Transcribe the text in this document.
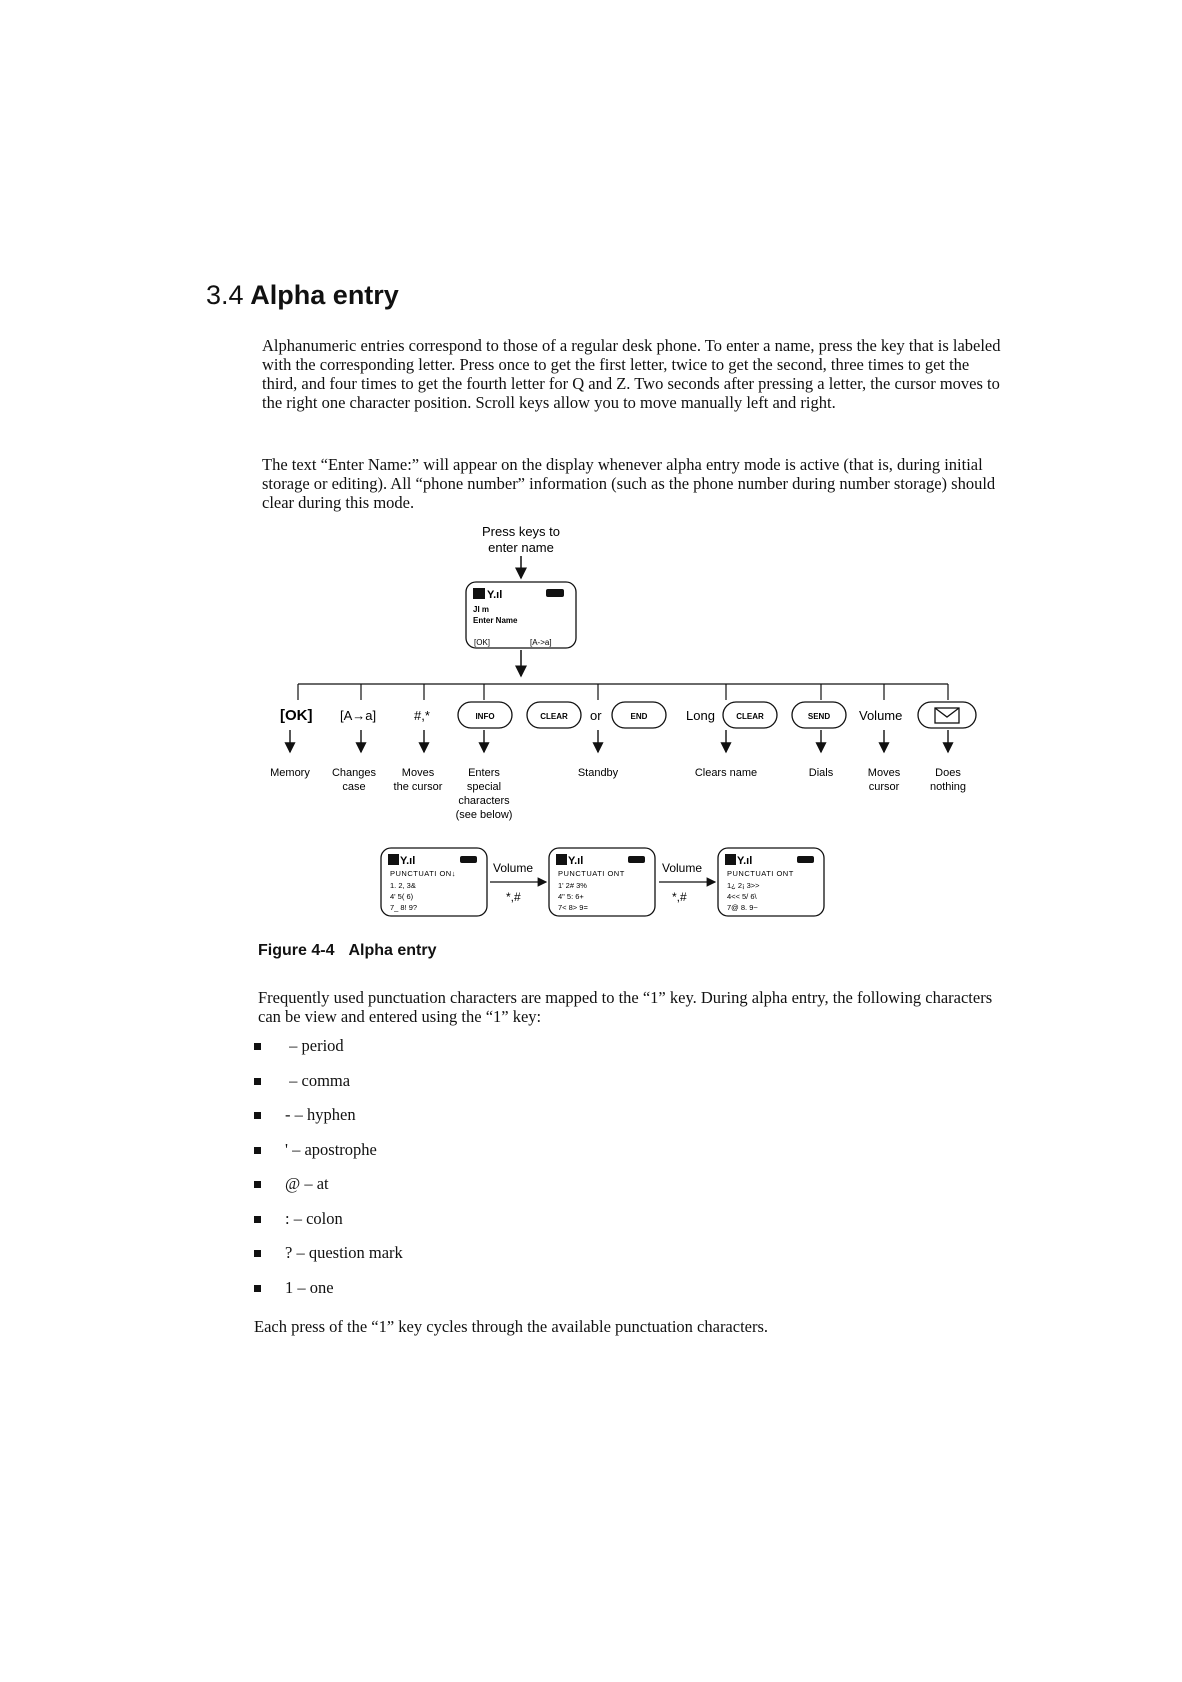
3.4 Alpha entry

Alphanumeric entries correspond to those of a regular desk phone. To enter a name, press the key that is labeled with the corresponding letter. Press once to get the first letter, twice to get the second, three times to get the third, and four times to get the fourth letter for Q and Z. Two seconds after pressing a letter, the cursor moves to the right one character position. Scroll keys allow you to move manually left and right.

The text “Enter Name:” will appear on the display whenever alpha entry mode is active (that is, during initial storage or editing). All “phone number” information (such as the phone number during number storage) should clear during this mode.

Press keys to
enter name
Y.ıl
JI m
Enter Name
[OK]	[A->a]
[OK] [A→a]	#,*	INFO	CLEAR or	END	Long	CLEAR	SEND Volume
Memory Changes
case
Moves
the cursor
Enters
special
characters
(see below)
Standby	Clears name	Dials	Moves
cursor
Does
nothing
Y.ıl
PUNCTUATI ON↓
1. 2, 3&
4' 5( 6)
7_ 8! 9?
Volume
*,#
Y.ıl
PUNCTUATI ONT
1' 2# 3%
4" 5: 6+
7< 8> 9=
Volume
*,#
Y.ıl
PUNCTUATI ONT
1¿ 2¡ 3>>
4<< 5/ 6\
7@ 8. 9~

Figure 4-4 Alpha entry

Frequently used punctuation characters are mapped to the “1” key. During alpha entry, the following characters can be view and entered using the “1” key:

– period
– comma
- – hyphen
' – apostrophe
@ – at
: – colon
? – question mark
1 – one

Each press of the “1” key cycles through the available punctuation characters.
